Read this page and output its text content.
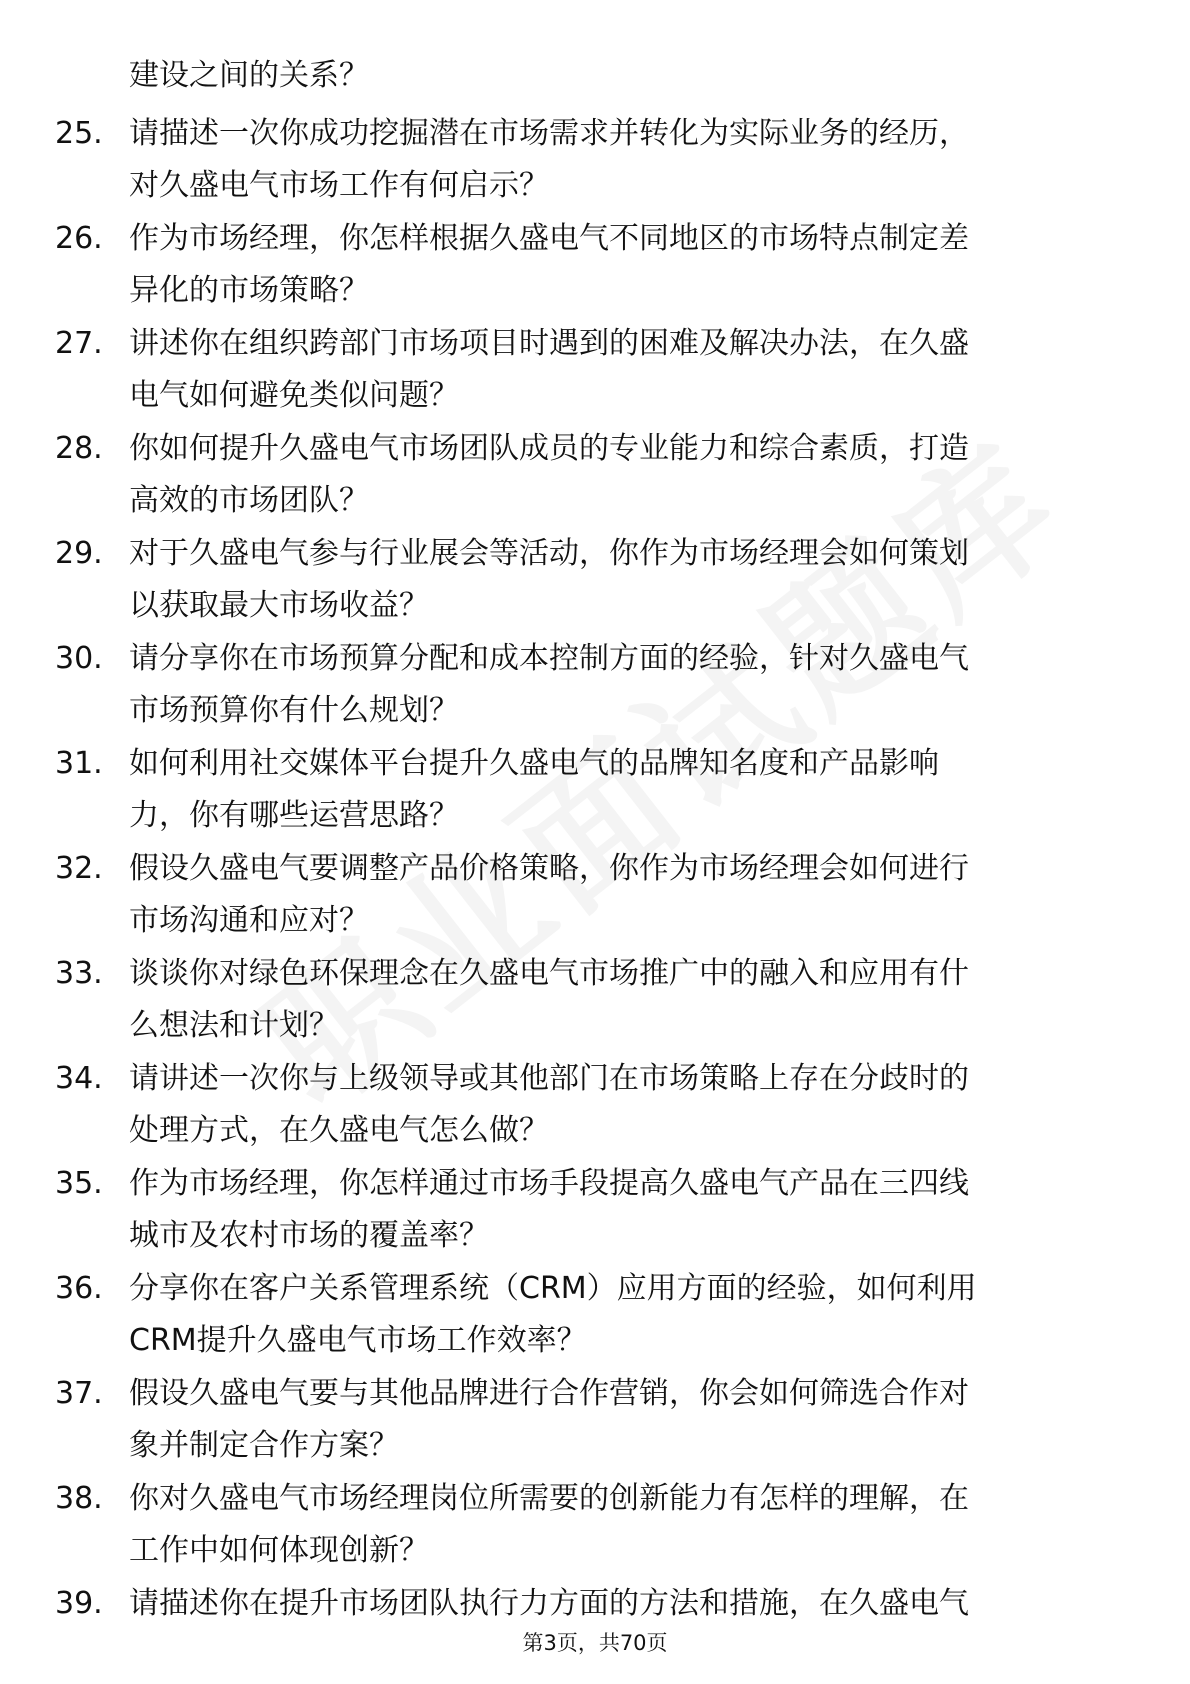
建设之间的关系？
25. 请描述一次你成功挖掘潜在市场需求并转化为实际业务的经历，
对久盛电气市场工作有何启示？
26. 作为市场经理，你怎样根据久盛电气不同地区的市场特点制定差
异化的市场策略？
27. 讲述你在组织跨部门市场项目时遇到的困难及解决办法，在久盛
电气如何避免类似问题？
28. 你如何提升久盛电气市场团队成员的专业能力和综合素质，打造
高效的市场团队？
29. 对于久盛电气参与行业展会等活动，你作为市场经理会如何策划
以获取最大市场收益？
30. 请分享你在市场预算分配和成本控制方面的经验，针对久盛电气
市场预算你有什么规划？
31. 如何利用社交媒体平台提升久盛电气的品牌知名度和产品影响
力，你有哪些运营思路？
32. 假设久盛电气要调整产品价格策略，你作为市场经理会如何进行
市场沟通和应对？
33. 谈谈你对绿色环保理念在久盛电气市场推广中的融入和应用有什
么想法和计划？
34. 请讲述一次你与上级领导或其他部门在市场策略上存在分歧时的
处理方式，在久盛电气怎么做？
35. 作为市场经理，你怎样通过市场手段提高久盛电气产品在三四线
城市及农村市场的覆盖率？
36. 分享你在客户关系管理系统（CRM）应用方面的经验，如何利用
CRM提升久盛电气市场工作效率？
37. 假设久盛电气要与其他品牌进行合作营销，你会如何筛选合作对
象并制定合作方案？
38. 你对久盛电气市场经理岗位所需要的创新能力有怎样的理解，在
工作中如何体现创新？
39. 请描述你在提升市场团队执行力方面的方法和措施，在久盛电气
第3页，共70页
